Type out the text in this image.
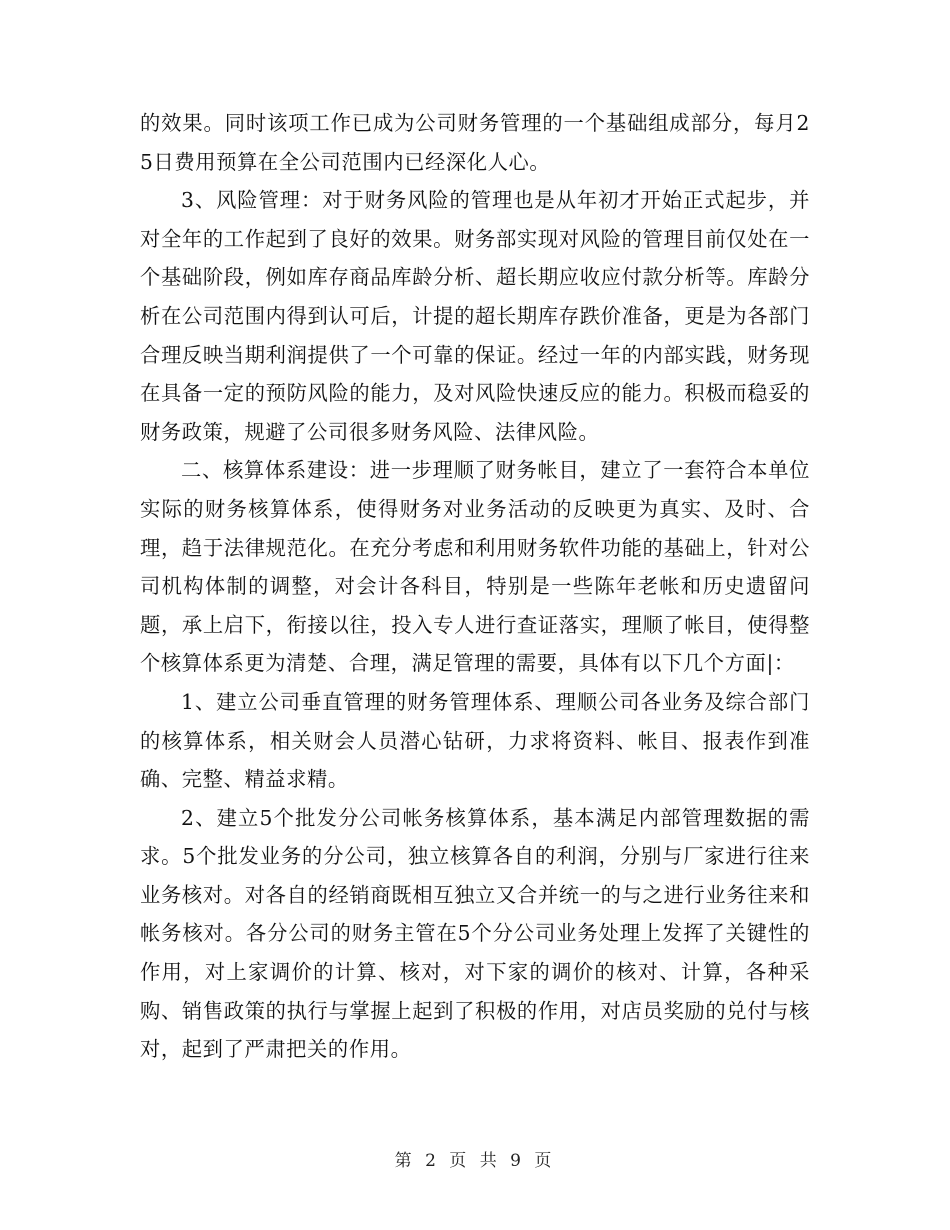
的效果。同时该项工作已成为公司财务管理的一个基础组成部分，每月25日费用预算在全公司范围内已经深化人心。

3、风险管理：对于财务风险的管理也是从年初才开始正式起步，并对全年的工作起到了良好的效果。财务部实现对风险的管理目前仅处在一个基础阶段，例如库存商品库龄分析、超长期应收应付款分析等。库龄分析在公司范围内得到认可后，计提的超长期库存跌价准备，更是为各部门合理反映当期利润提供了一个可靠的保证。经过一年的内部实践，财务现在具备一定的预防风险的能力，及对风险快速反应的能力。积极而稳妥的财务政策，规避了公司很多财务风险、法律风险。

二、核算体系建设：进一步理顺了财务帐目，建立了一套符合本单位实际的财务核算体系，使得财务对业务活动的反映更为真实、及时、合理，趋于法律规范化。在充分考虑和利用财务软件功能的基础上，针对公司机构体制的调整，对会计各科目，特别是一些陈年老帐和历史遗留问题，承上启下，衔接以往，投入专人进行查证落实，理顺了帐目，使得整个核算体系更为清楚、合理，满足管理的需要，具体有以下几个方面|：

1、建立公司垂直管理的财务管理体系、理顺公司各业务及综合部门的核算体系，相关财会人员潜心钻研，力求将资料、帐目、报表作到准确、完整、精益求精。

2、建立5个批发分公司帐务核算体系，基本满足内部管理数据的需求。5个批发业务的分公司，独立核算各自的利润，分别与厂家进行往来业务核对。对各自的经销商既相互独立又合并统一的与之进行业务往来和帐务核对。各分公司的财务主管在5个分公司业务处理上发挥了关键性的作用，对上家调价的计算、核对，对下家的调价的核对、计算，各种采购、销售政策的执行与掌握上起到了积极的作用，对店员奖励的兑付与核对，起到了严肃把关的作用。

第 2 页 共 9 页
